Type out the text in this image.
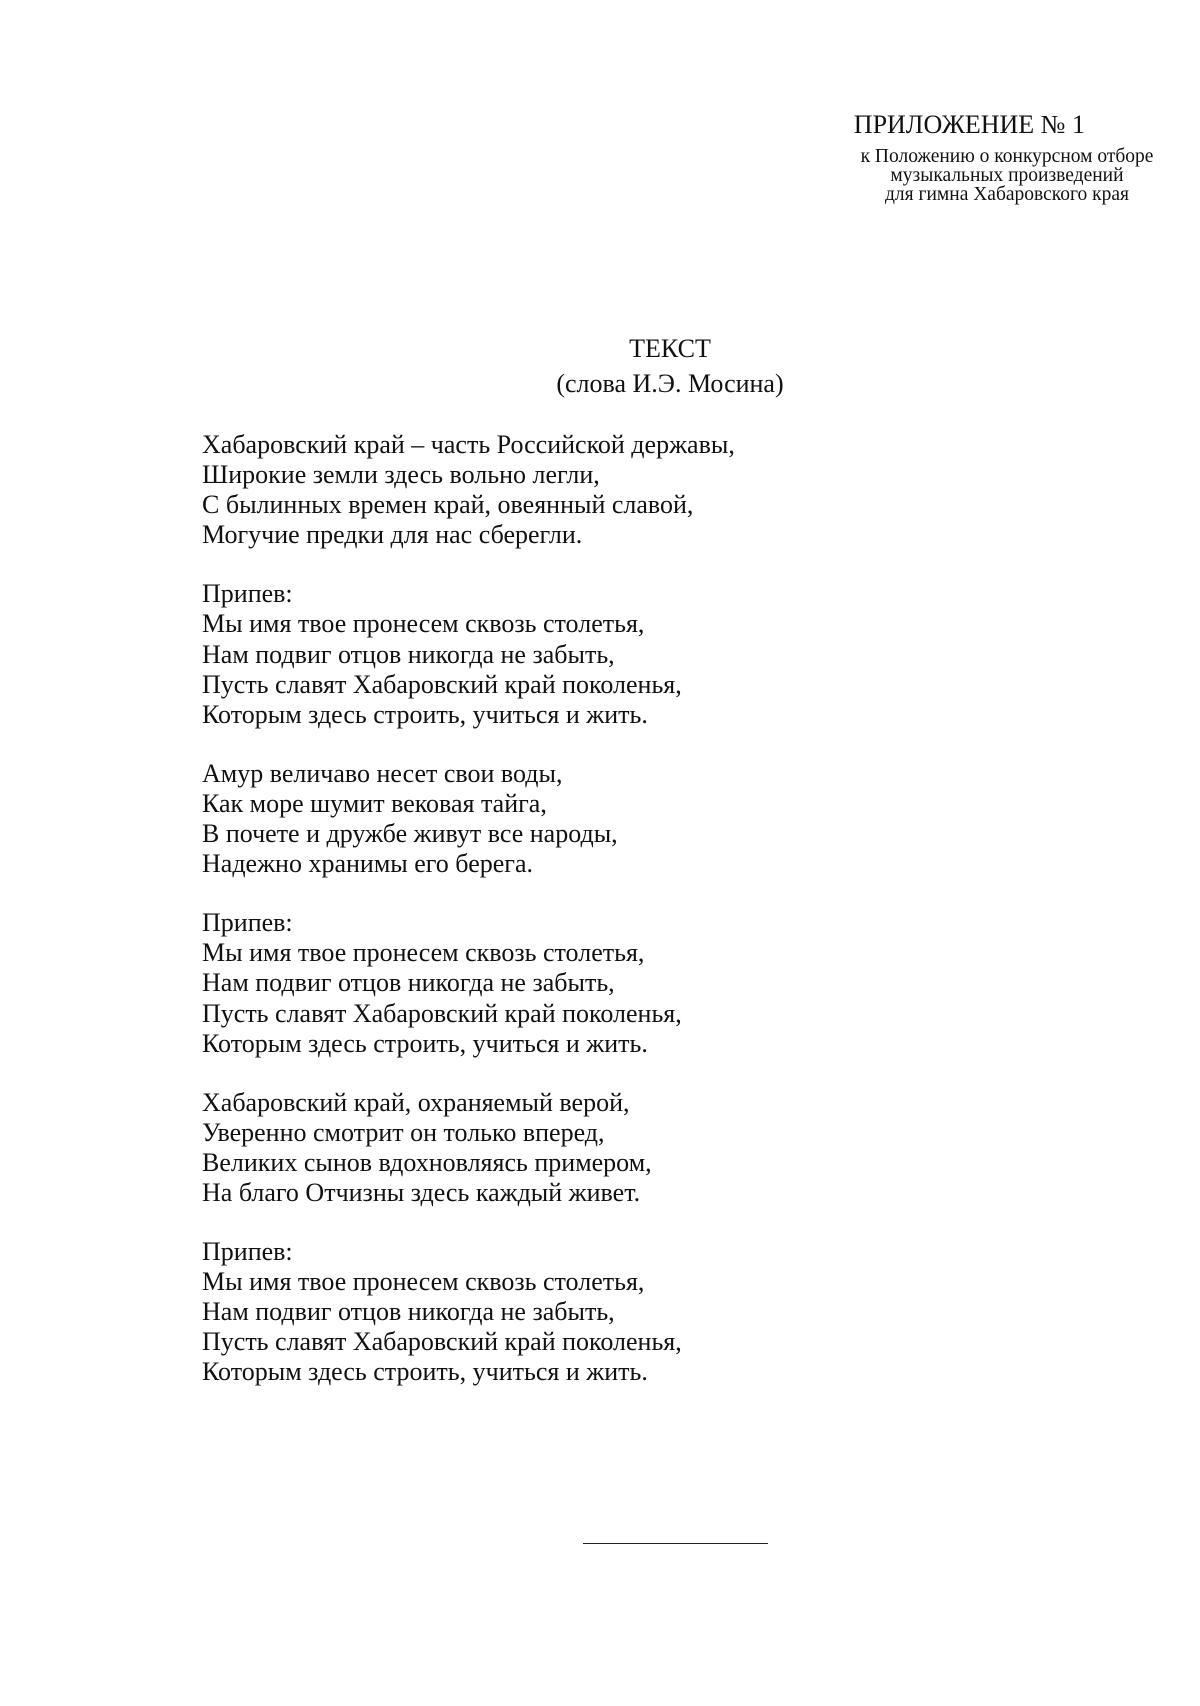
ПРИЛОЖЕНИЕ № 1
к Положению о конкурсном отборе
музыкальных произведений
для гимна Хабаровского края
ТЕКСТ
(слова И.Э. Мосина)
Хабаровский край – часть Российской державы,
Широкие земли здесь вольно легли,
С былинных времен край, овеянный славой,
Могучие предки для нас сберегли.
Припев:
Мы имя твое пронесем сквозь столетья,
Нам подвиг отцов никогда не забыть,
Пусть славят Хабаровский край поколенья,
Которым здесь строить, учиться и жить.
Амур величаво несет свои воды,
Как море шумит вековая тайга,
В почете и дружбе живут все народы,
Надежно хранимы его берега.
Припев:
Мы имя твое пронесем сквозь столетья,
Нам подвиг отцов никогда не забыть,
Пусть славят Хабаровский край поколенья,
Которым здесь строить, учиться и жить.
Хабаровский край, охраняемый верой,
Уверенно смотрит он только вперед,
Великих сынов вдохновляясь примером,
На благо Отчизны здесь каждый живет.
Припев:
Мы имя твое пронесем сквозь столетья,
Нам подвиг отцов никогда не забыть,
Пусть славят Хабаровский край поколенья,
Которым здесь строить, учиться и жить.
